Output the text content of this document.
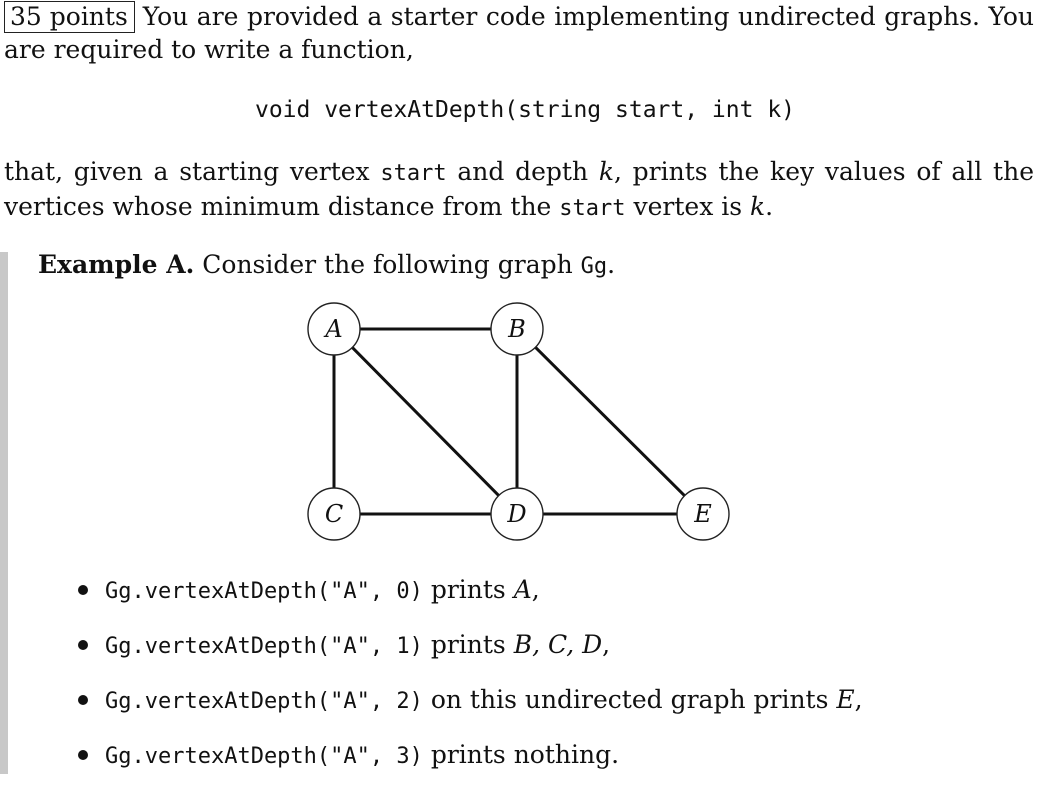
35 points You are provided a starter code implementing undirected graphs. You are required to write a function,
void vertexAtDepth(string start, int k)
that, given a starting vertex start and depth k, prints the key values of all the vertices whose minimum distance from the start vertex is k.
Example A. Consider the following graph Gg.
A	B
C	D	E
Gg.vertexAtDepth("A", 0) prints A,
Gg.vertexAtDepth("A", 1) prints B, C, D,
Gg.vertexAtDepth("A", 2) on this undirected graph prints E,
Gg.vertexAtDepth("A", 3) prints nothing.
